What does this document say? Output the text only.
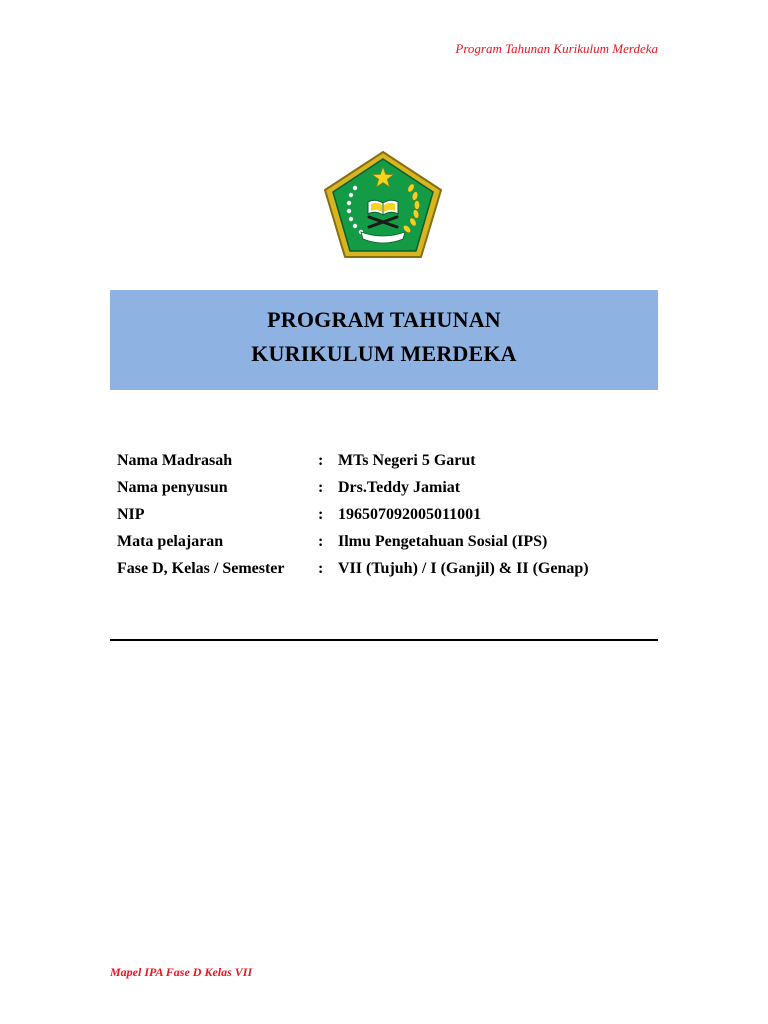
Program Tahunan Kurikulum Merdeka
PROGRAM TAHUNAN
KURIKULUM MERDEKA
Nama Madrasah	: MTs Negeri 5 Garut
Nama penyusun	: Drs.Teddy Jamiat
NIP	: 196507092005011001
Mata pelajaran	: Ilmu Pengetahuan Sosial (IPS)
Fase D, Kelas / Semester : VII (Tujuh) / I (Ganjil) & II (Genap)
Mapel IPA Fase D Kelas VII
